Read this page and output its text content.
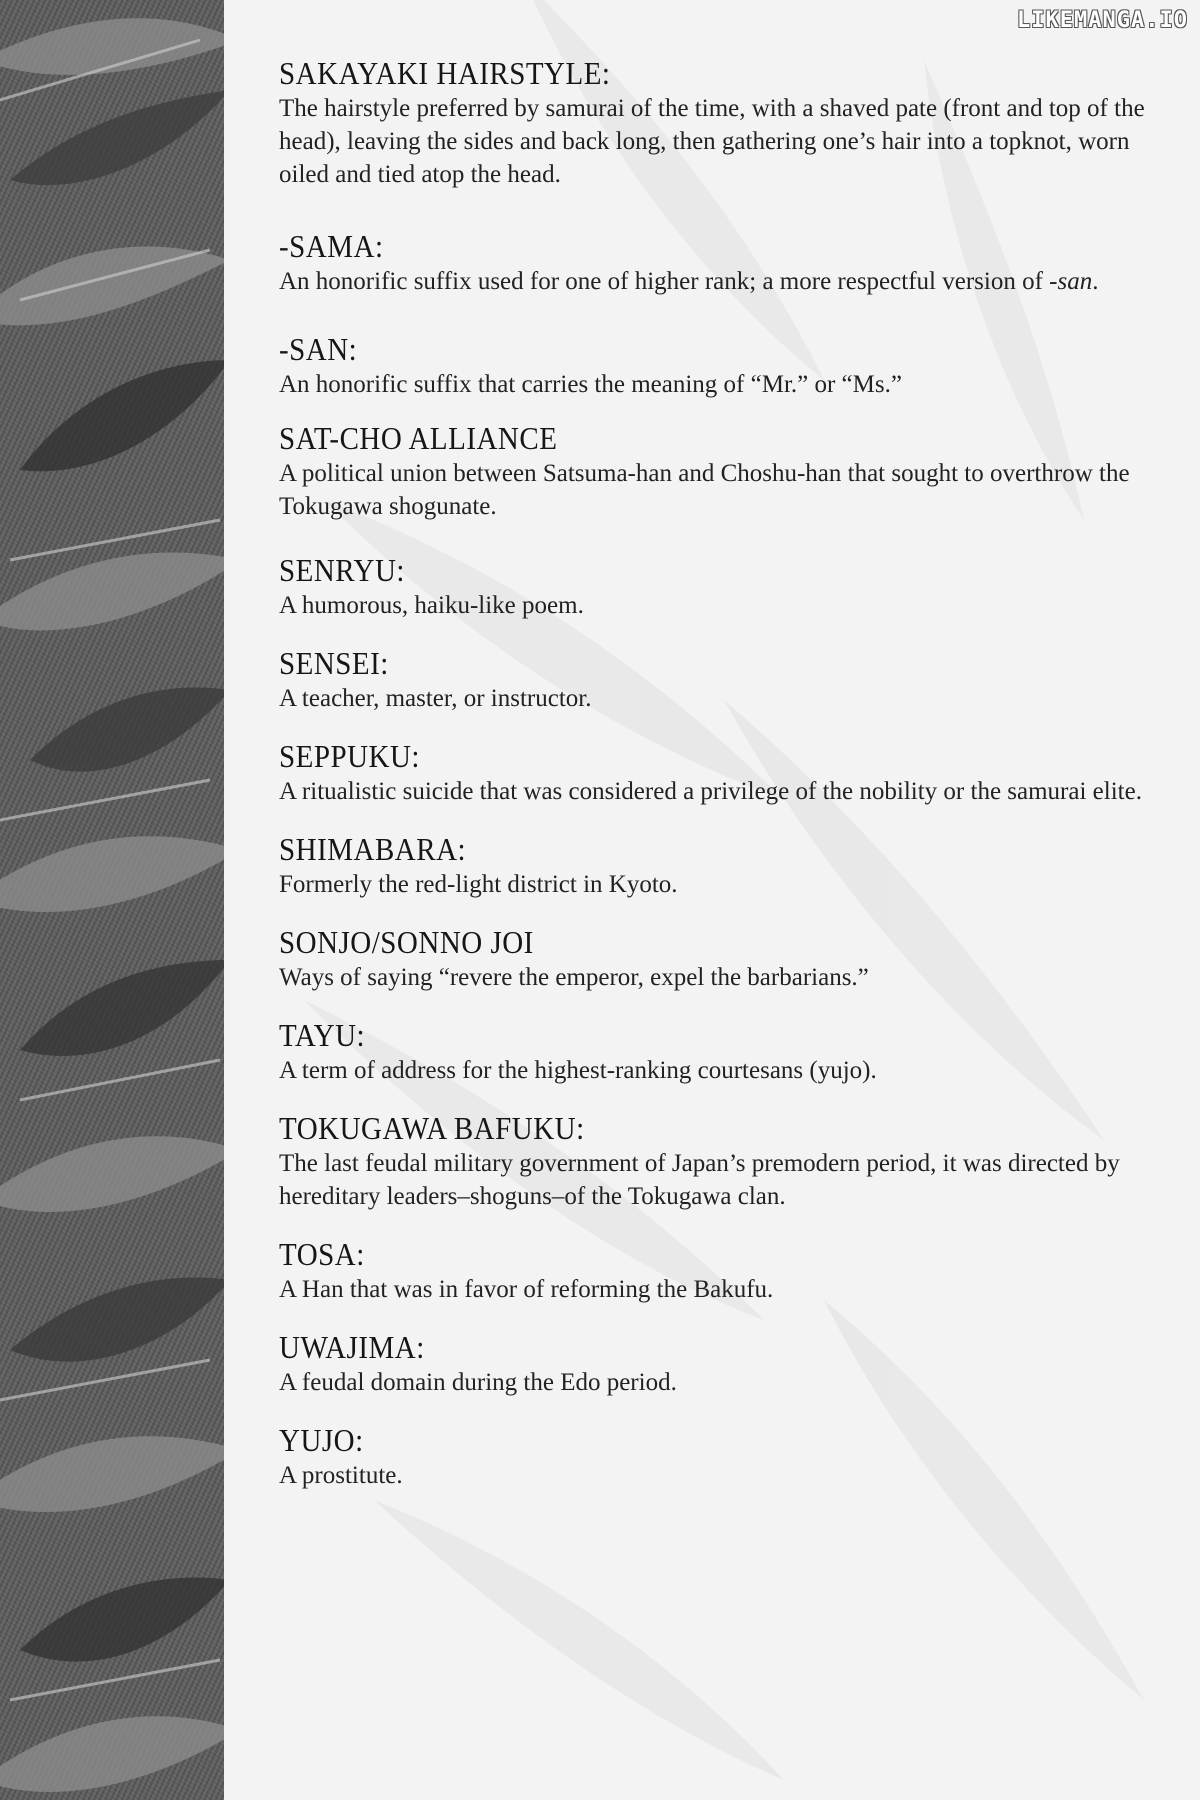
LIKEMANGA.IO
SAKAYAKI HAIRSTYLE:

The hairstyle preferred by samurai of the time, with a shaved pate (front and top of the head), leaving the sides and back long, then gathering one’s hair into a topknot, worn oiled and tied atop the head.

-SAMA:

An honorific suffix used for one of higher rank; a more respectful version of -san.

-SAN:

An honorific suffix that carries the meaning of “Mr.” or “Ms.”

SAT-CHO ALLIANCE

A political union between Satsuma-han and Choshu-han that sought to overthrow the Tokugawa shogunate.

SENRYU:

A humorous, haiku-like poem.

SENSEI:

A teacher, master, or instructor.

SEPPUKU:

A ritualistic suicide that was considered a privilege of the nobility or the samurai elite.

SHIMABARA:

Formerly the red-light district in Kyoto.

SONJO/SONNO JOI

Ways of saying “revere the emperor, expel the barbarians.”

TAYU:

A term of address for the highest-ranking courtesans (yujo).

TOKUGAWA BAFUKU:

The last feudal military government of Japan’s premodern period, it was directed by hereditary leaders–shoguns–of the Tokugawa clan.

TOSA:

A Han that was in favor of reforming the Bakufu.

UWAJIMA:

A feudal domain during the Edo period.

YUJO:

A prostitute.
